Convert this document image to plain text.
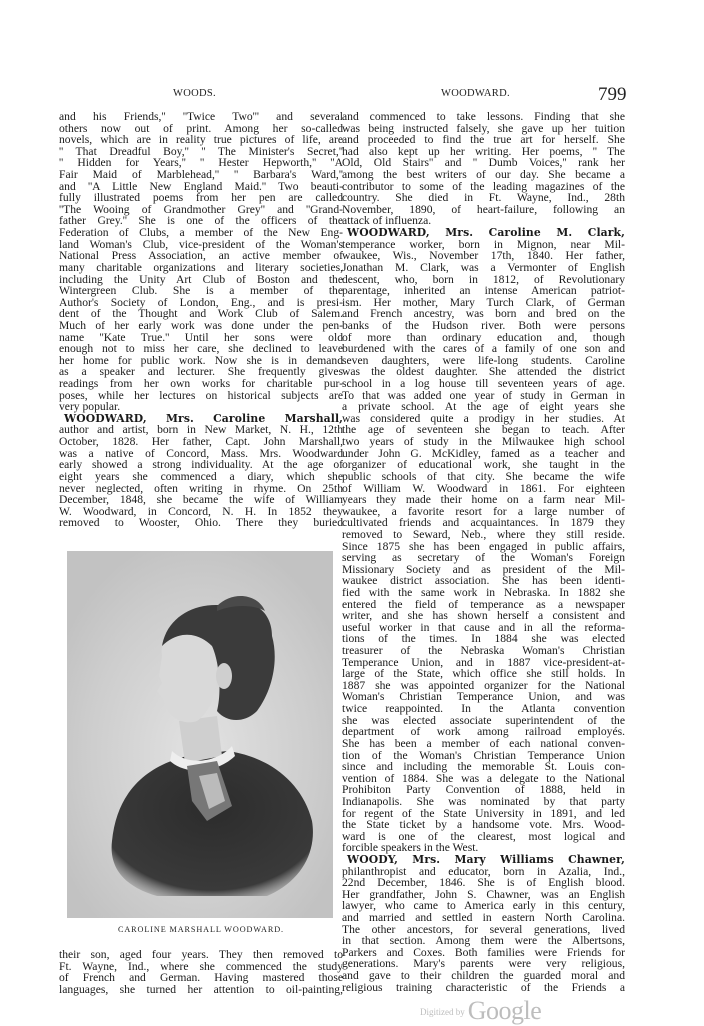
WOODS.	WOODWARD.	799
and his Friends,'' ''Twice Two''' and several
others now out of print. Among her so-called
novels, which are in reality true pictures of life, are
'' That Dreadful Boy,'' '' The Minister's Secret,''
'' Hidden for Years,'' '' Hester Hepworth,'' ''A
Fair Maid of Marblehead,'' '' Barbara's Ward,''
and ''A Little New England Maid.'' Two beauti-
fully illustrated poems from her pen are called
''The Wooing of Grandmother Grey'' and ''Grand-
father Grey.'' She is one of the officers of the
Federation of Clubs, a member of the New Eng-
land Woman's Club, vice-president of the Woman's
National Press Association, an active member of
many charitable organizations and literary societies,
including the Unity Art Club of Boston and the
Wintergreen Club. She is a member of the
Author's Society of London, Eng., and is presi-
dent of the Thought and Work Club of Salem.
Much of her early work was done under the pen-
name ''Kate True.'' Until her sons were old
enough not to miss her care, she declined to leave
her home for public work. Now she is in demand
as a speaker and lecturer. She frequently gives
readings from her own works for charitable pur-
poses, while her lectures on historical subjects are
very popular.
WOODWARD, Mrs. Caroline Marshall,
author and artist, born in New Market, N. H., 12th
October, 1828. Her father, Capt. John Marshall,
was a native of Concord, Mass. Mrs. Woodward
early showed a strong individuality. At the age of
eight years she commenced a diary, which she
never neglected, often writing in rhyme. On 25th
December, 1848, she became the wife of William
W. Woodward, in Concord, N. H. In 1852 they
removed to Wooster, Ohio. There they buried
CAROLINE MARSHALL WOODWARD.
their son, aged four years. They then removed to
Ft. Wayne, Ind., where she commenced the study
of French and German. Having mastered those
languages, she turned her attention to oil-painting,
and commenced to take lessons. Finding that she
was being instructed falsely, she gave up her tuition
and proceeded to find the true art for herself. She
had also kept up her writing. Her poems, '' The
Old, Old Stairs'' and '' Dumb Voices,'' rank her
among the best writers of our day. She became a
contributor to some of the leading magazines of the
country. She died in Ft. Wayne, Ind., 28th
November, 1890, of heart-failure, following an
attack of influenza.
WOODWARD, Mrs. Caroline M. Clark,
temperance worker, born in Mignon, near Mil-
waukee, Wis., November 17th, 1840. Her father,
Jonathan M. Clark, was a Vermonter of English
descent, who, born in 1812, of Revolutionary
parentage, inherited an intense American patriot-
ism. Her mother, Mary Turch Clark, of German
and French ancestry, was born and bred on the
banks of the Hudson river. Both were persons
of more than ordinary education and, though
burdened with the cares of a family of one son and
seven daughters, were life-long students. Caroline
was the oldest daughter. She attended the district
school in a log house till seventeen years of age.
To that was added one year of study in German in
a private school. At the age of eight years she
was considered quite a prodigy in her studies. At
the age of seventeen she began to teach. After
two years of study in the Milwaukee high school
under John G. McKidley, famed as a teacher and
organizer of educational work, she taught in the
public schools of that city. She became the wife
of William W. Woodward in 1861. For eighteen
years they made their home on a farm near Mil-
waukee, a favorite resort for a large number of
cultivated friends and acquaintances. In 1879 they
removed to Seward, Neb., where they still reside.
Since 1875 she has been engaged in public affairs,
serving as secretary of the Woman's Foreign
Missionary Society and as president of the Mil-
waukee district association. She has been identi-
fied with the same work in Nebraska. In 1882 she
entered the field of temperance as a newspaper
writer, and she has shown herself a consistent and
useful worker in that cause and in all the reforma-
tions of the times. In 1884 she was elected
treasurer of the Nebraska Woman's Christian
Temperance Union, and in 1887 vice-president-at-
large of the State, which office she still holds. In
1887 she was appointed organizer for the National
Woman's Christian Temperance Union, and was
twice reappointed. In the Atlanta convention
she was elected associate superintendent of the
department of work among railroad employés.
She has been a member of each national conven-
tion of the Woman's Christian Temperance Union
since and including the memorable St. Louis con-
vention of 1884. She was a delegate to the National
Prohibiton Party Convention of 1888, held in
Indianapolis. She was nominated by that party
for regent of the State University in 1891, and led
the State ticket by a handsome vote. Mrs. Wood-
ward is one of the clearest, most logical and
forcible speakers in the West.
WOODY, Mrs. Mary Williams Chawner,
philanthropist and educator, born in Azalia, Ind.,
22nd December, 1846. She is of English blood.
Her grandfather, John S. Chawner, was an English
lawyer, who came to America early in this century,
and married and settled in eastern North Carolina.
The other ancestors, for several generations, lived
in that section. Among them were the Albertsons,
Parkers and Coxes. Both families were Friends for
generations. Mary's parents were very religious,
and gave to their children the guarded moral and
religious training characteristic of the Friends a
$^{Digitized by}$ Google
